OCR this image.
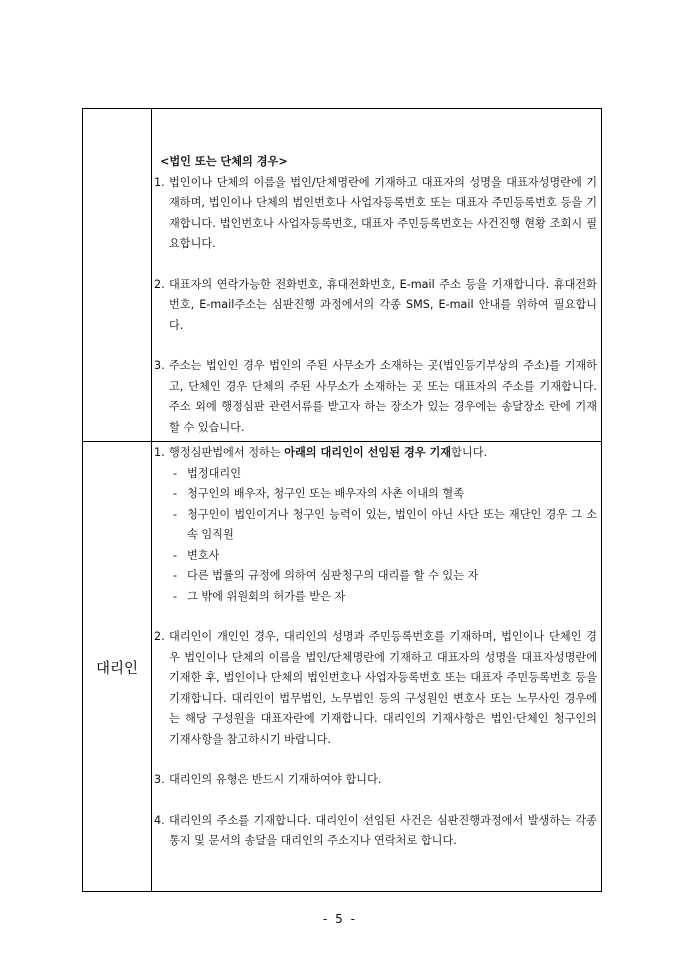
<법인 또는 단체의 경우>

1. 법인이나 단체의 이름을 법인/단체명란에 기재하고 대표자의 성명을 대표자성명란에 기재하며, 법인이나 단체의 법인번호나 사업자등록번호 또는 대표자 주민등록번호 등을 기재합니다. 법인번호나 사업자등록번호, 대표자 주민등록번호는 사건진행 현황 조회시 필요합니다.
2. 대표자의 연락가능한 전화번호, 휴대전화번호, E-mail 주소 등을 기재합니다. 휴대전화번호, E-mail주소는 심판진행 과정에서의 각종 SMS, E-mail 안내를 위하여 필요합니다.
3. 주소는 법인인 경우 법인의 주된 사무소가 소재하는 곳(법인등기부상의 주소)를 기재하고, 단체인 경우 단체의 주된 사무소가 소재하는 곳 또는 대표자의 주소를 기재합니다. 주소 외에 행정심판 관련서류를 받고자 하는 장소가 있는 경우에는 송달장소 란에 기재할 수 있습니다.
대리인
1. 행정심판법에서 정하는 아래의 대리인이 선임된 경우 기재합니다.
- 법정대리인
- 청구인의 배우자, 청구인 또는 배우자의 사촌 이내의 혈족
- 청구인이 법인이거나 청구인 능력이 있는, 법인이 아닌 사단 또는 재단인 경우 그 소속 임직원
- 변호사
- 다른 법률의 규정에 의하여 심판청구의 대리를 할 수 있는 자
- 그 밖에 위원회의 허가를 받은 자
2. 대리인이 개인인 경우, 대리인의 성명과 주민등록번호를 기재하며, 법인이나 단체인 경우 법인이나 단체의 이름을 법인/단체명란에 기재하고 대표자의 성명을 대표자성명란에 기재한 후, 법인이나 단체의 법인번호나 사업자등록번호 또는 대표자 주민등록번호 등을 기재합니다. 대리인이 법무법인, 노무법인 등의 구성원인 변호사 또는 노무사인 경우에는 해당 구성원을 대표자란에 기재합니다. 대리인의 기재사항은 법인·단체인 청구인의 기재사항을 참고하시기 바랍니다.
3. 대리인의 유형은 반드시 기재하여야 합니다.
4. 대리인의 주소를 기재합니다. 대리인이 선임된 사건은 심판진행과정에서 발생하는 각종 통지 및 문서의 송달을 대리인의 주소지나 연락처로 합니다.
- 5 -
